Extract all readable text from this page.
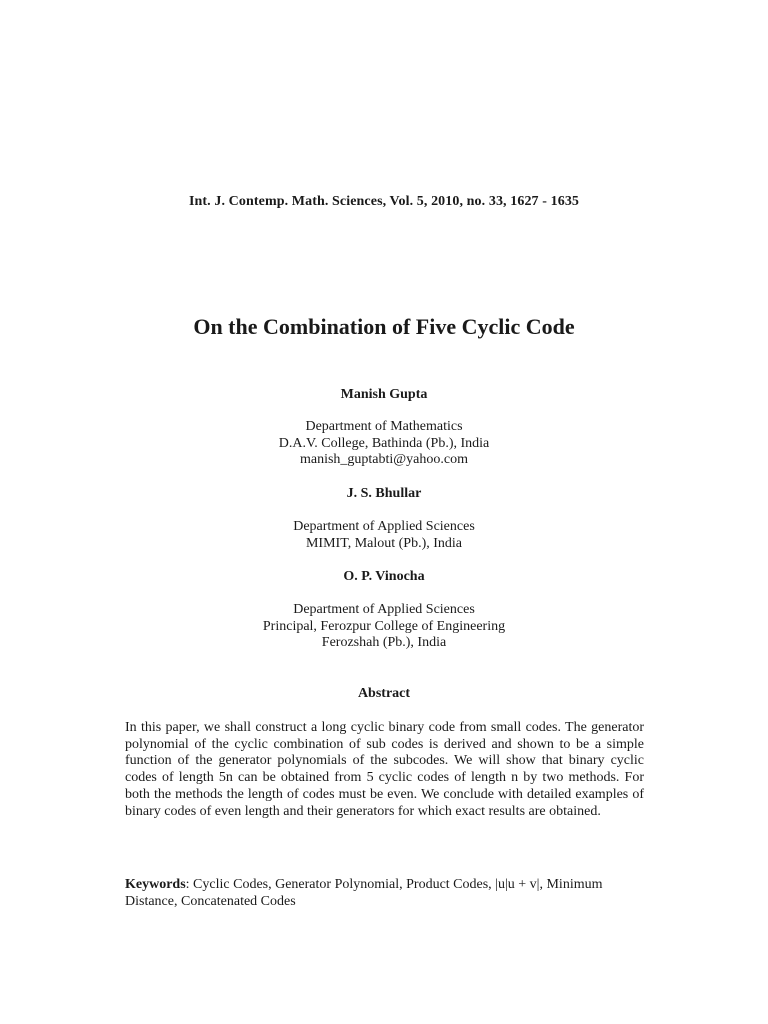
Int. J. Contemp. Math. Sciences, Vol. 5, 2010, no. 33, 1627 - 1635
On the Combination of Five Cyclic Code
Manish Gupta
Department of Mathematics
D.A.V. College, Bathinda (Pb.), India
manish_guptabti@yahoo.com
J. S. Bhullar
Department of Applied Sciences
MIMIT, Malout (Pb.), India
O. P. Vinocha
Department of Applied Sciences
Principal, Ferozpur College of Engineering
Ferozshah (Pb.), India
Abstract
In this paper, we shall construct a long cyclic binary code from small codes. The generator polynomial of the cyclic combination of sub codes is derived and shown to be a simple function of the generator polynomials of the subcodes. We will show that binary cyclic codes of length 5n can be obtained from 5 cyclic codes of length n by two methods. For both the methods the length of codes must be even. We conclude with detailed examples of binary codes of even length and their generators for which exact results are obtained.
Keywords: Cyclic Codes, Generator Polynomial, Product Codes, |u|u + v|, Minimum Distance, Concatenated Codes
